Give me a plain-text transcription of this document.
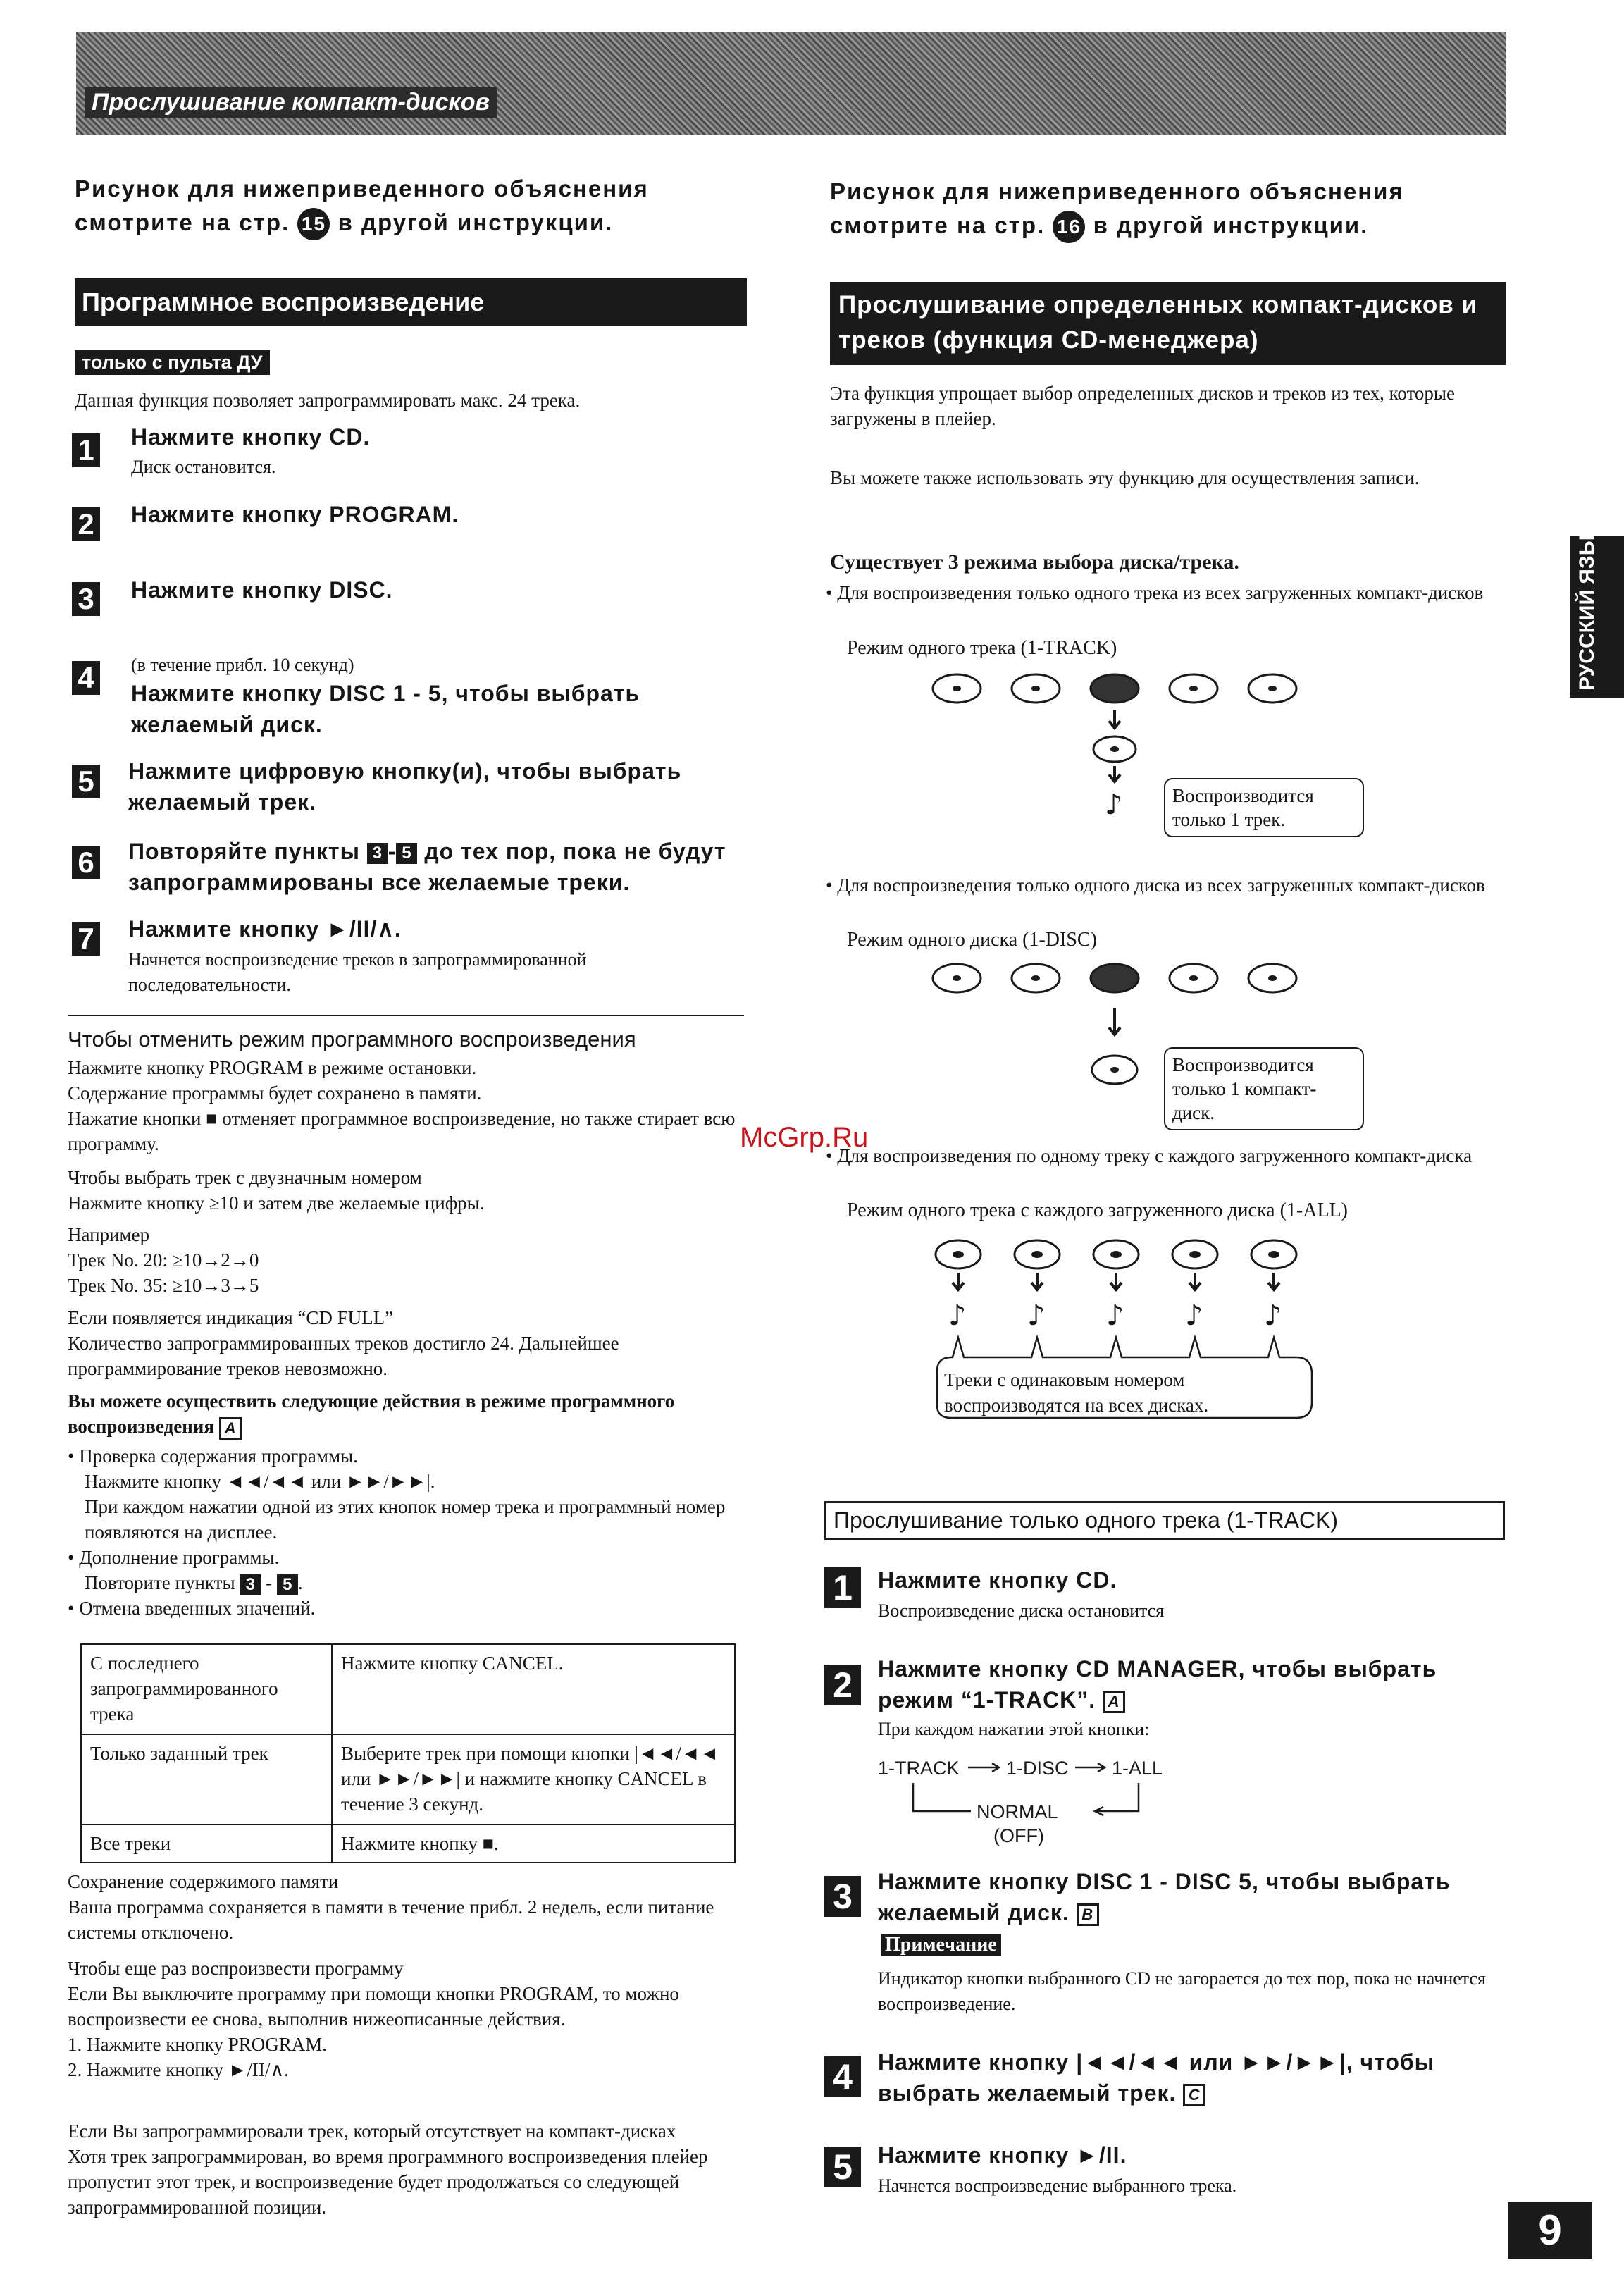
Прослушивание компакт-дисков
РУССКИЙ ЯЗЫК
Рисунок для нижеприведенного объяснения смотрите на стр. 15 в другой инструкции.
Программное воспроизведение
только с пульта ДУ
Данная функция позволяет запрограммировать макс. 24 трека.
1 Нажмите кнопку CD.
Диск остановится.
2 Нажмите кнопку PROGRAM.
3 Нажмите кнопку DISC.
4	(в течение прибл. 10 секунд)
Нажмите кнопку DISC 1 - 5, чтобы выбрать желаемый диск.
5 Нажмите цифровую кнопку(и), чтобы выбрать желаемый трек.
6 Повторяйте пункты 3 - 5 до тех пор, пока не будут запрограммированы все желаемые треки.
7 Нажмите кнопку ►/II/∧.
Начнется воспроизведение треков в запрограммированной последовательности.
Чтобы отменить режим программного воспроизведения
Нажмите кнопку PROGRAM в режиме остановки.
Содержание программы будет сохранено в памяти.
Нажатие кнопки ■ отменяет программное воспроизведение, но также стирает всю программу.
Чтобы выбрать трек с двузначным номером
Нажмите кнопку ≥10 и затем две желаемые цифры.
Например
Трек No. 20: ≥10→2→0
Трек No. 35: ≥10→3→5
Если появляется индикация “CD FULL”
Количество запрограммированных треков достигло 24. Дальнейшее программирование треков невозможно.
Вы можете осуществить следующие действия в режиме программного воспроизведения A
• Проверка содержания программы.
Нажмите кнопку ◄◄/◄◄ или ►►/►►|.
При каждом нажатии одной из этих кнопок номер трека и программный номер появляются на дисплее.
• Дополнение программы.
Повторите пункты 3 - 5 .
• Отмена введенных значений.
С последнего запрограммированного трека	Нажмите кнопку CANCEL.
Только заданный трек	Выберите трек при помощи кнопки |◄◄/◄◄ или ►►/►►| и нажмите кнопку CANCEL в течение 3 секунд.
Все треки	Нажмите кнопку ■.
Сохранение содержимого памяти
Ваша программа сохраняется в памяти в течение прибл. 2 недель, если питание системы отключено.
Чтобы еще раз воспроизвести программу
Если Вы выключите программу при помощи кнопки PROGRAM, то можно воспроизвести ее снова, выполнив нижеописанные действия.
1. Нажмите кнопку PROGRAM.
2. Нажмите кнопку ►/II/∧.
Если Вы запрограммировали трек, который отсутствует на компакт-дисках
Хотя трек запрограммирован, во время программного воспроизведения плейер пропустит этот трек, и воспроизведение будет продолжаться со следующей запрограммированной позиции.
Рисунок для нижеприведенного объяснения смотрите на стр. 16 в другой инструкции.
Прослушивание определенных компакт-дисков и треков (функция CD-менеджера)
Эта функция упрощает выбор определенных дисков и треков из тех, которые загружены в плейер.
Вы можете также использовать эту функцию для осуществления записи.
Существует 3 режима выбора диска/трека.
• Для воспроизведения только одного трека из всех загруженных компакт-дисков
Режим одного трека (1-TRACK)
♪	Воспроизводится только 1 трек.
• Для воспроизведения только одного диска из всех загруженных компакт-дисков
Режим одного диска (1-DISC)
Воспроизводится только 1 компакт-диск.
• Для воспроизведения по одному треку с каждого загруженного компакт-диска
Режим одного трека с каждого загруженного диска (1-ALL)
♪ ♪ ♪ ♪ ♪
Треки с одинаковым номером воспроизводятся на всех дисках.
Прослушивание только одного трека (1-TRACK)
1	Нажмите кнопку CD.
Воспроизведение диска остановится
2	Нажмите кнопку CD MANAGER, чтобы выбрать режим “1-TRACK”. A
При каждом нажатии этой кнопки:
1-TRACK 1-DISC 1-ALL
NORMAL
(OFF)
3	Нажмите кнопку DISC 1 - DISC 5, чтобы выбрать желаемый диск. B
Примечание
Индикатор кнопки выбранного CD не загорается до тех пор, пока не начнется воспроизведение.
4	Нажмите кнопку |◄◄/◄◄ или ►►/►►|, чтобы выбрать желаемый трек. C
5	Нажмите кнопку ►/II.
Начнется воспроизведение выбранного трека.
9
McGrp.Ru
